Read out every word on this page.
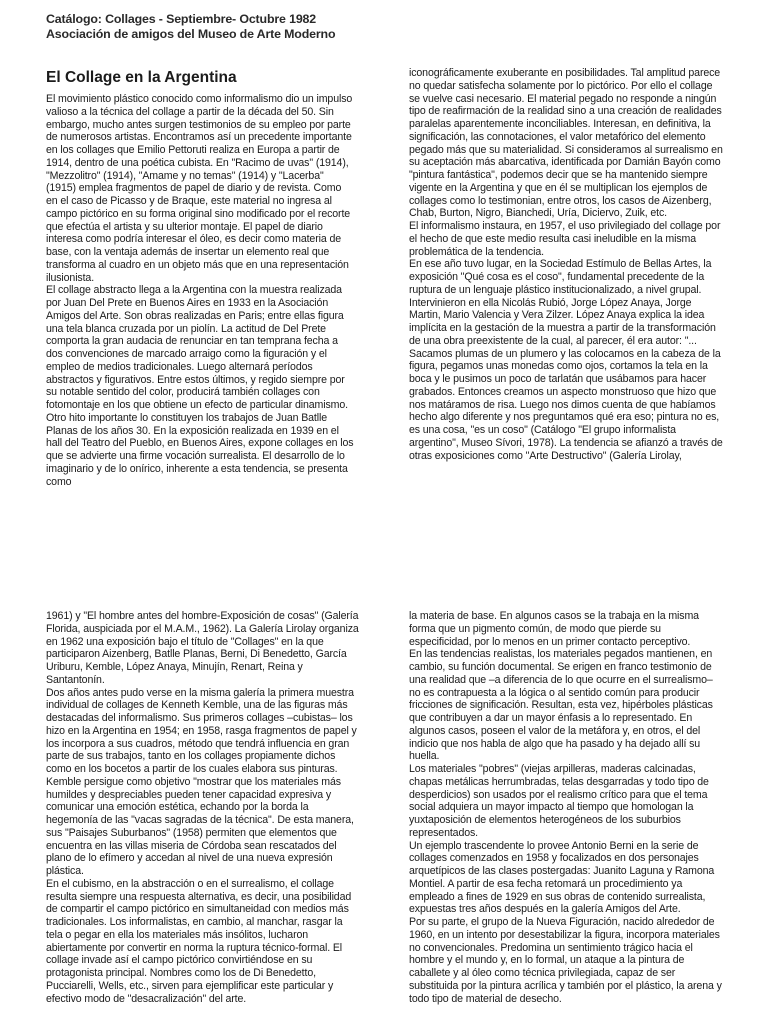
Catálogo: Collages - Septiembre- Octubre 1982
Asociación de amigos del Museo de Arte Moderno
El Collage en la Argentina

El movimiento plástico conocido como informalismo dio un impulso valioso a la técnica del collage a partir de la década del 50. Sin embargo, mucho antes surgen testimonios de su empleo por parte de numerosos artistas. Encontramos así un precedente importante en los collages que Emilio Pettoruti realiza en Europa a partir de 1914, dentro de una poética cubista. En "Racimo de uvas" (1914), "Mezzolitro" (1914), "Amame y no temas" (1914) y "Lacerba" (1915) emplea fragmentos de papel de diario y de revista. Como en el caso de Picasso y de Braque, este material no ingresa al campo pictórico en su forma original sino modificado por el recorte que efectúa el artista y su ulterior montaje. El papel de diario interesa como podría interesar el óleo, es decir como materia de base, con la ventaja además de insertar un elemento real que transforma al cuadro en un objeto más que en una representación ilusionista.

El collage abstracto llega a la Argentina con la muestra realizada por Juan Del Prete en Buenos Aires en 1933 en la Asociación Amigos del Arte. Son obras realizadas en Paris; entre ellas figura una tela blanca cruzada por un piolín. La actitud de Del Prete comporta la gran audacia de renunciar en tan temprana fecha a dos convenciones de marcado arraigo como la figuración y el empleo de medios tradicionales. Luego alternará períodos abstractos y figurativos. Entre estos últimos, y regido siempre por su notable sentido del color, producirá también collages con fotomontaje en los que obtiene un efecto de particular dinamismo.

Otro hito importante lo constituyen los trabajos de Juan Batlle Planas de los años 30. En la exposición realizada en 1939 en el hall del Teatro del Pueblo, en Buenos Aires, expone collages en los que se advierte una firme vocación surrealista. El desarrollo de lo imaginario y de lo onírico, inherente a esta tendencia, se presenta como

iconográficamente exuberante en posibilidades. Tal amplitud parece no quedar satisfecha solamente por lo pictórico. Por ello el collage se vuelve casi necesario. El material pegado no responde a ningún tipo de reafirmación de la realidad sino a una creación de realidades paralelas aparentemente inconciliables. Interesan, en definitiva, la significación, las connotaciones, el valor metafórico del elemento pegado más que su materialidad. Si consideramos al surrealismo en su aceptación más abarcativa, identificada por Damián Bayón como "pintura fantástica", podemos decir que se ha mantenido siempre vigente en la Argentina y que en él se multiplican los ejemplos de collages como lo testimonian, entre otros, los casos de Aizenberg, Chab, Burton, Nigro, Bianchedi, Uría, Diciervo, Zuik, etc.

El informalismo instaura, en 1957, el uso privilegiado del collage por el hecho de que este medio resulta casi ineludible en la misma problemática de la tendencia.

En ese año tuvo lugar, en la Sociedad Estímulo de Bellas Artes, la exposición "Qué cosa es el coso", fundamental precedente de la ruptura de un lenguaje plástico institucionalizado, a nivel grupal. Intervinieron en ella Nicolás Rubió, Jorge López Anaya, Jorge Martin, Mario Valencia y Vera Zilzer. López Anaya explica la idea implícita en la gestación de la muestra a partir de la transformación de una obra preexistente de la cual, al parecer, él era autor: "... Sacamos plumas de un plumero y las colocamos en la cabeza de la figura, pegamos unas monedas como ojos, cortamos la tela en la boca y le pusimos un poco de tarlatán que usábamos para hacer grabados. Entonces creamos un aspecto monstruoso que hizo que nos matáramos de risa. Luego nos dimos cuenta de que habíamos hecho algo diferente y nos preguntamos qué era eso; pintura no es, es una cosa, "es un coso" (Catálogo "El grupo informalista argentino", Museo Sívori, 1978). La tendencia se afianzó a través de otras exposiciones como "Arte Destructivo" (Galería Lirolay,

1961) y "El hombre antes del hombre-Exposición de cosas" (Galería Florida, auspiciada por el M.A.M., 1962). La Galería Lirolay organiza en 1962 una exposición bajo el título de "Collages" en la que participaron Aizenberg, Batlle Planas, Berni, Di Benedetto, García Uriburu, Kemble, López Anaya, Minujín, Renart, Reina y Santantonín.

Dos años antes pudo verse en la misma galería la primera muestra individual de collages de Kenneth Kemble, una de las figuras más destacadas del informalismo. Sus primeros collages –cubistas– los hizo en la Argentina en 1954; en 1958, rasga fragmentos de papel y los incorpora a sus cuadros, método que tendrá influencia en gran parte de sus trabajos, tanto en los collages propiamente dichos como en los bocetos a partir de los cuales elabora sus pinturas.

Kemble persigue como objetivo "mostrar que los materiales más humildes y despreciables pueden tener capacidad expresiva y comunicar una emoción estética, echando por la borda la hegemonía de las "vacas sagradas de la técnica". De esta manera, sus "Paisajes Suburbanos" (1958) permiten que elementos que encuentra en las villas miseria de Córdoba sean rescatados del plano de lo efímero y accedan al nivel de una nueva expresión plástica.

En el cubismo, en la abstracción o en el surrealismo, el collage resulta siempre una respuesta alternativa, es decir, una posibilidad de compartir el campo pictórico en simultaneidad con medios más tradicionales. Los informalistas, en cambio, al manchar, rasgar la tela o pegar en ella los materiales más insólitos, lucharon abiertamente por convertir en norma la ruptura técnico-formal. El collage invade así el campo pictórico convirtiéndose en su protagonista principal. Nombres como los de Di Benedetto, Pucciarelli, Wells, etc., sirven para ejemplificar este particular y efectivo modo de "desacralización" del arte.

la materia de base. En algunos casos se la trabaja en la misma forma que un pigmento común, de modo que pierde su especificidad, por lo menos en un primer contacto perceptivo.

En las tendencias realistas, los materiales pegados mantienen, en cambio, su función documental. Se erigen en franco testimonio de una realidad que –a diferencia de lo que ocurre en el surrealismo– no es contrapuesta a la lógica o al sentido común para producir fricciones de significación. Resultan, esta vez, hipérboles plásticas que contribuyen a dar un mayor énfasis a lo representado. En algunos casos, poseen el valor de la metáfora y, en otros, el del indicio que nos habla de algo que ha pasado y ha dejado allí su huella.

Los materiales "pobres" (viejas arpilleras, maderas calcinadas, chapas metálicas herrumbradas, telas desgarradas y todo tipo de desperdicios) son usados por el realismo crítico para que el tema social adquiera un mayor impacto al tiempo que homologan la yuxtaposición de elementos heterogéneos de los suburbios representados.

Un ejemplo trascendente lo provee Antonio Berni en la serie de collages comenzados en 1958 y focalizados en dos personajes arquetípicos de las clases postergadas: Juanito Laguna y Ramona Montiel. A partir de esa fecha retomará un procedimiento ya empleado a fines de 1929 en sus obras de contenido surrealista, expuestas tres años después en la galería Amigos del Arte.

Por su parte, el grupo de la Nueva Figuración, nacido alrededor de 1960, en un intento por desestabilizar la figura, incorpora materiales no convencionales. Predomina un sentimiento trágico hacia el hombre y el mundo y, en lo formal, un ataque a la pintura de caballete y al óleo como técnica privilegiada, capaz de ser substituida por la pintura acrílica y también por el plástico, la arena y todo tipo de material de desecho.
